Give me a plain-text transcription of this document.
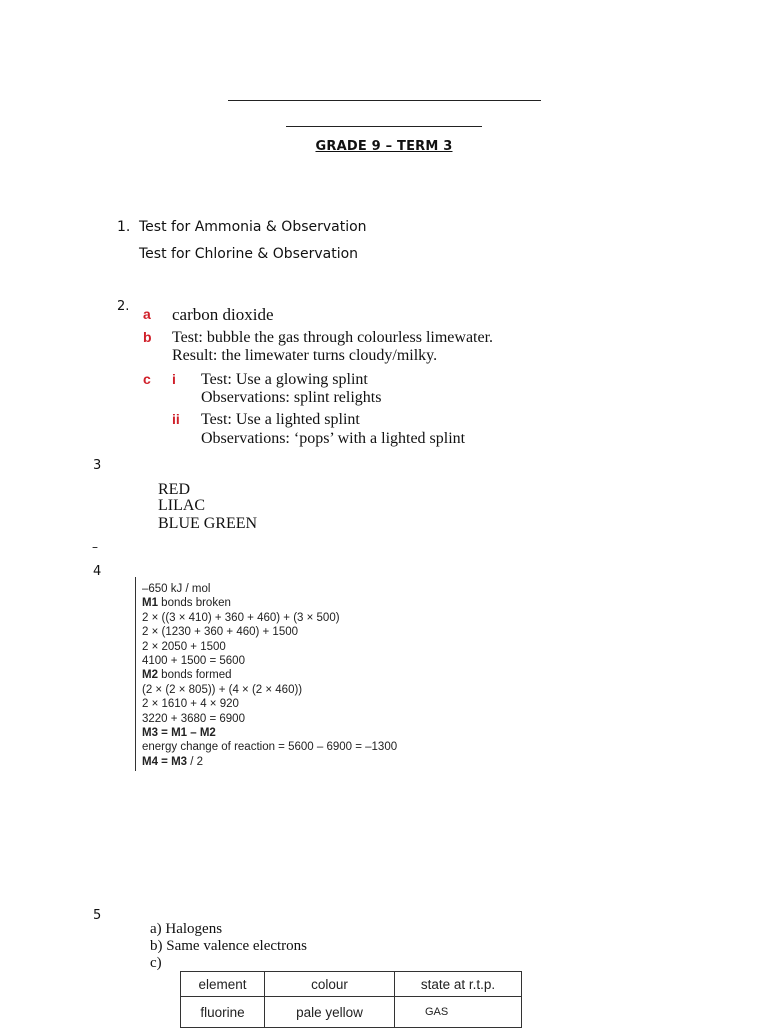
GRADE 9 – TERM 3
1. Test for Ammonia & Observation
Test for Chlorine & Observation
2. a carbon dioxide
b Test: bubble the gas through colourless limewater.
Result: the limewater turns cloudy/milky.
c i Test: Use a glowing splint
Observations: splint relights
ii Test: Use a lighted splint
Observations: ‘pops’ with a lighted splint
3
RED
LILAC
BLUE GREEN
–
4
–650 kJ / mol
M1 bonds broken
2 × ((3 × 410) + 360 + 460) + (3 × 500)
2 × (1230 + 360 + 460) + 1500
2 × 2050 + 1500
4100 + 1500 = 5600
M2 bonds formed
(2 × (2 × 805)) + (4 × (2 × 460))
2 × 1610 + 4 × 920
3220 + 3680 = 6900
M3 = M1 – M2
energy change of reaction = 5600 – 6900 = –1300
M4 = M3 / 2
5
a) Halogens
b) Same valence electrons
c)
element	colour	state at r.t.p.
fluorine	pale yellow	GAS
